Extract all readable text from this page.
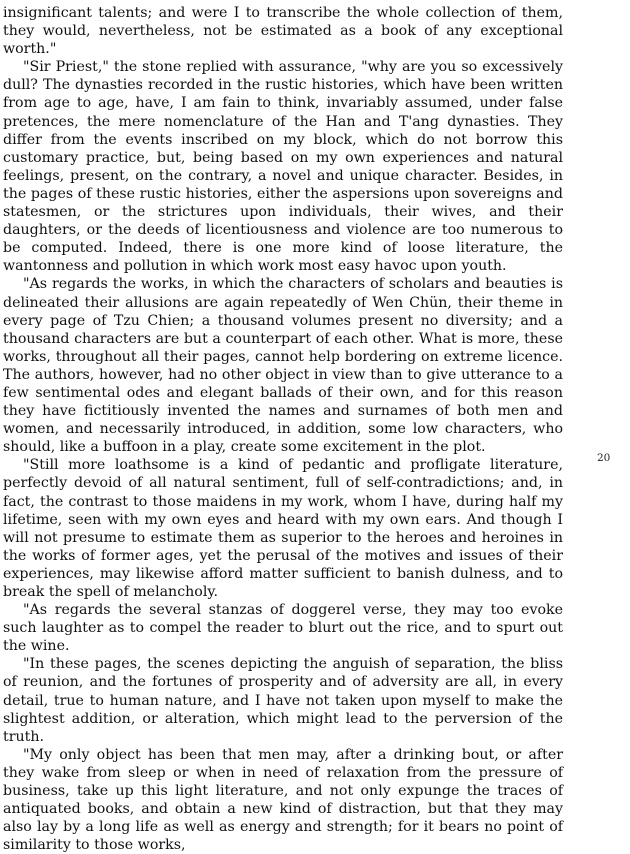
insignificant talents; and were I to transcribe the whole collection of them, they would, nevertheless, not be estimated as a book of any exceptional worth."

"Sir Priest," the stone replied with assurance, "why are you so excessively dull? The dynasties recorded in the rustic histories, which have been written from age to age, have, I am fain to think, invariably assumed, under false pretences, the mere nomenclature of the Han and T'ang dynasties. They differ from the events inscribed on my block, which do not borrow this customary practice, but, being based on my own experiences and natural feelings, present, on the contrary, a novel and unique character. Besides, in the pages of these rustic histories, either the aspersions upon sovereigns and statesmen, or the strictures upon individuals, their wives, and their daughters, or the deeds of licentiousness and violence are too numerous to be computed. Indeed, there is one more kind of loose literature, the wantonness and pollution in which work most easy havoc upon youth.

"As regards the works, in which the characters of scholars and beauties is delineated their allusions are again repeatedly of Wen Chün, their theme in every page of Tzu Chien; a thousand volumes present no diversity; and a thousand characters are but a counterpart of each other. What is more, these works, throughout all their pages, cannot help bordering on extreme licence. The authors, however, had no other object in view than to give utterance to a few sentimental odes and elegant ballads of their own, and for this reason they have fictitiously invented the names and surnames of both men and women, and necessarily introduced, in addition, some low characters, who should, like a buffoon in a play, create some excitement in the plot.

"Still more loathsome is a kind of pedantic and profligate literature, perfectly devoid of all natural sentiment, full of self-contradictions; and, in fact, the contrast to those maidens in my work, whom I have, during half my lifetime, seen with my own eyes and heard with my own ears. And though I will not presume to estimate them as superior to the heroes and heroines in the works of former ages, yet the perusal of the motives and issues of their experiences, may likewise afford matter sufficient to banish dulness, and to break the spell of melancholy.

"As regards the several stanzas of doggerel verse, they may too evoke such laughter as to compel the reader to blurt out the rice, and to spurt out the wine.

"In these pages, the scenes depicting the anguish of separation, the bliss of reunion, and the fortunes of prosperity and of adversity are all, in every detail, true to human nature, and I have not taken upon myself to make the slightest addition, or alteration, which might lead to the perversion of the truth.

"My only object has been that men may, after a drinking bout, or after they wake from sleep or when in need of relaxation from the pressure of business, take up this light literature, and not only expunge the traces of antiquated books, and obtain a new kind of distraction, but that they may also lay by a long life as well as energy and strength; for it bears no point of similarity to those works,

20
